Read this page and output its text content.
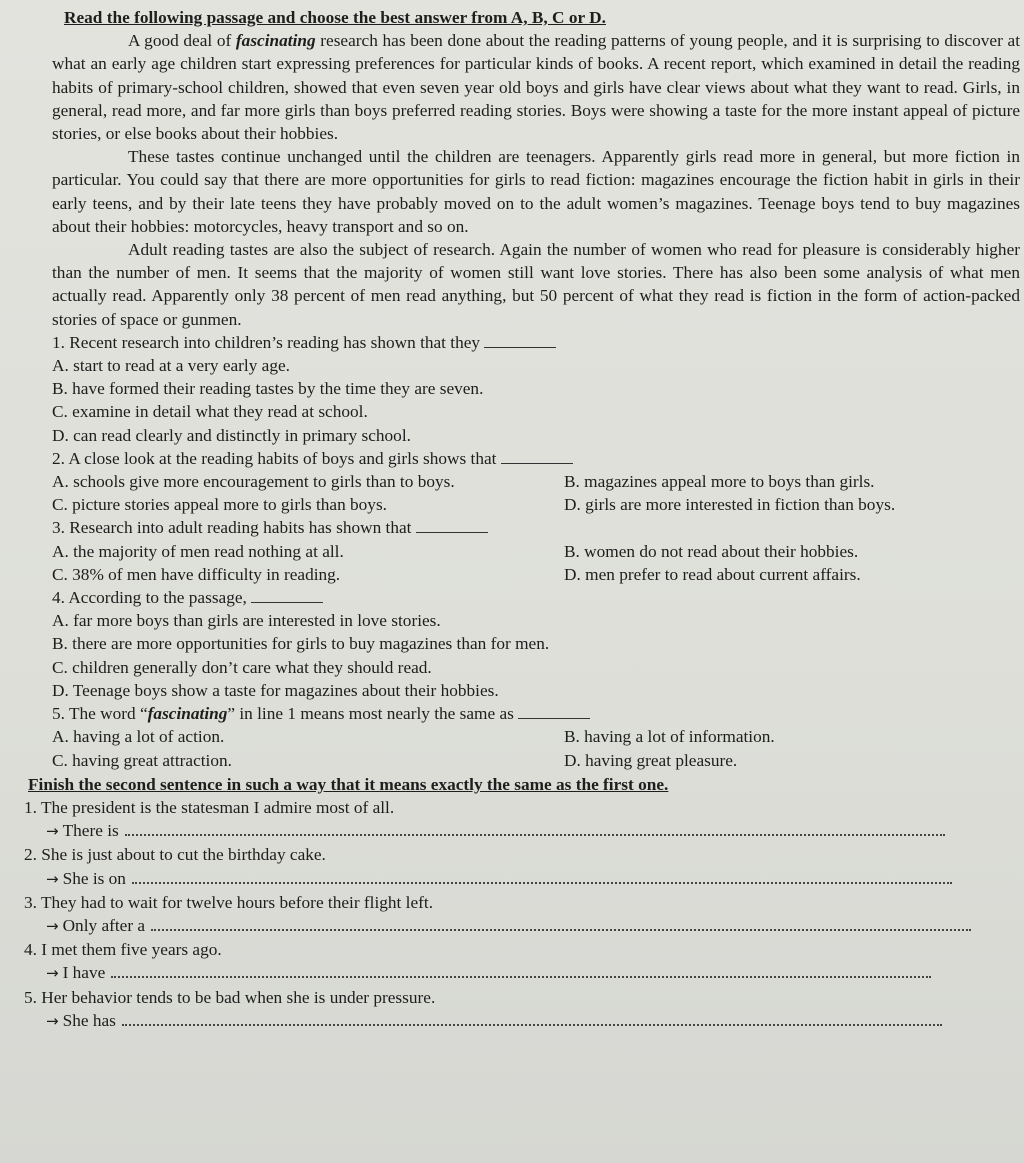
Read the following passage and choose the best answer from A, B, C or D.

A good deal of fascinating research has been done about the reading patterns of young people, and it is surprising to discover at what an early age children start expressing preferences for particular kinds of books. A recent report, which examined in detail the reading habits of primary-school children, showed that even seven year old boys and girls have clear views about what they want to read. Girls, in general, read more, and far more girls than boys preferred reading stories. Boys were showing a taste for the more instant appeal of picture stories, or else books about their hobbies.

These tastes continue unchanged until the children are teenagers. Apparently girls read more in general, but more fiction in particular. You could say that there are more opportunities for girls to read fiction: magazines encourage the fiction habit in girls in their early teens, and by their late teens they have probably moved on to the adult women’s magazines. Teenage boys tend to buy magazines about their hobbies: motorcycles, heavy transport and so on.

Adult reading tastes are also the subject of research. Again the number of women who read for pleasure is considerably higher than the number of men. It seems that the majority of women still want love stories. There has also been some analysis of what men actually read. Apparently only 38 percent of men read anything, but 50 percent of what they read is fiction in the form of action-packed stories of space or gunmen.

1. Recent research into children’s reading has shown that they
A. start to read at a very early age.
B. have formed their reading tastes by the time they are seven.
C. examine in detail what they read at school.
D. can read clearly and distinctly in primary school.
2. A close look at the reading habits of boys and girls shows that
A. schools give more encouragement to girls than to boys.	B. magazines appeal more to boys than girls.
C. picture stories appeal more to girls than boys.	D. girls are more interested in fiction than boys.
3. Research into adult reading habits has shown that
A. the majority of men read nothing at all.	B. women do not read about their hobbies.
C. 38% of men have difficulty in reading.	D. men prefer to read about current affairs.
4. According to the passage,
A. far more boys than girls are interested in love stories.
B. there are more opportunities for girls to buy magazines than for men.
C. children generally don’t care what they should read.
D. Teenage boys show a taste for magazines about their hobbies.
5. The word “fascinating” in line 1 means most nearly the same as
A. having a lot of action.	B. having a lot of information.
C. having great attraction.	D. having great pleasure.
Finish the second sentence in such a way that it means exactly the same as the first one.
1. The president is the statesman I admire most of all.
→ There is
2. She is just about to cut the birthday cake.
→ She is on
3. They had to wait for twelve hours before their flight left.
→ Only after a
4. I met them five years ago.
→ I have
5. Her behavior tends to be bad when she is under pressure.
→ She has
